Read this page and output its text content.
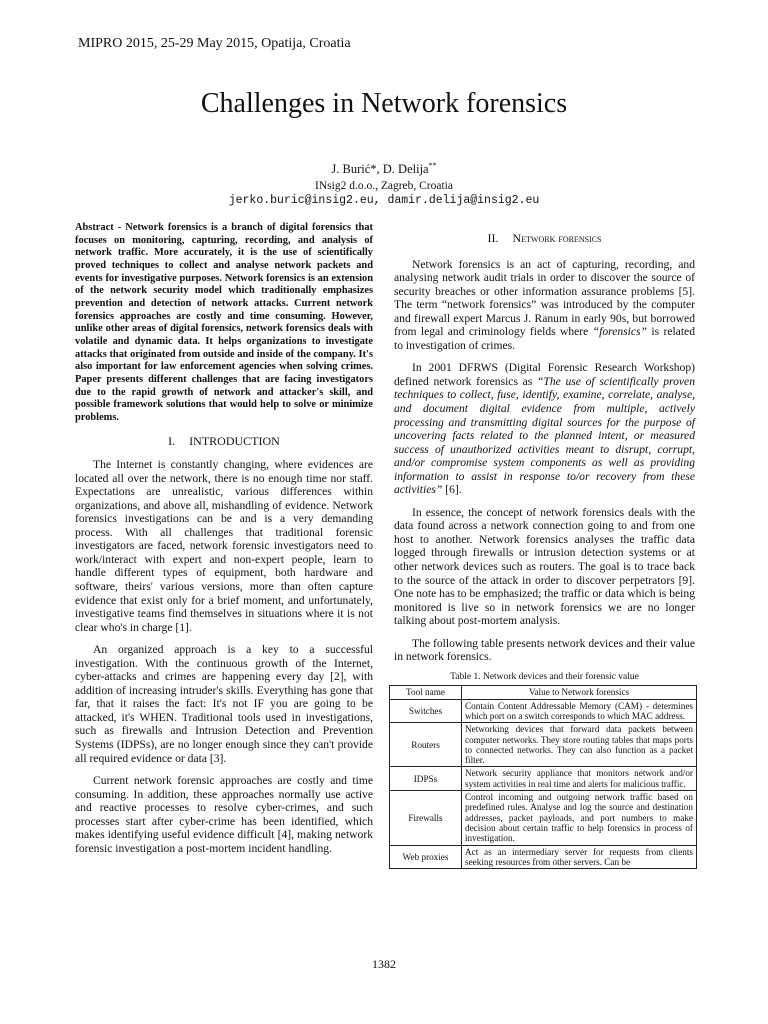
MIPRO 2015, 25-29 May 2015, Opatija, Croatia
Challenges in Network forensics
J. Burić*, D. Delija**
INsig2 d.o.o., Zagreb, Croatia
jerko.buric@insig2.eu, damir.delija@insig2.eu

Abstract - Network forensics is a branch of digital forensics that focuses on monitoring, capturing, recording, and analysis of network traffic. More accurately, it is the use of scientifically proved techniques to collect and analyse network packets and events for investigative purposes. Network forensics is an extension of the network security model which traditionally emphasizes prevention and detection of network attacks. Current network forensics approaches are costly and time consuming. However, unlike other areas of digital forensics, network forensics deals with volatile and dynamic data. It helps organizations to investigate attacks that originated from outside and inside of the company. It's also important for law enforcement agencies when solving crimes. Paper presents different challenges that are facing investigators due to the rapid growth of network and attacker's skill, and possible framework solutions that would help to solve or minimize problems.

I. INTRODUCTION

The Internet is constantly changing, where evidences are located all over the network, there is no enough time nor staff. Expectations are unrealistic, various differences within organizations, and above all, mishandling of evidence. Network forensics investigations can be and is a very demanding process. With all challenges that traditional forensic investigators are faced, network forensic investigators need to work/interact with expert and non-expert people, learn to handle different types of equipment, both hardware and software, theirs' various versions, more than often capture evidence that exist only for a brief moment, and unfortunately, investigative teams find themselves in situations where it is not clear who's in charge [1].

An organized approach is a key to a successful investigation. With the continuous growth of the Internet, cyber-attacks and crimes are happening every day [2], with addition of increasing intruder's skills. Everything has gone that far, that it raises the fact: It's not IF you are going to be attacked, it's WHEN. Traditional tools used in investigations, such as firewalls and Intrusion Detection and Prevention Systems (IDPSs), are no longer enough since they can't provide all required evidence or data [3].

Current network forensic approaches are costly and time consuming. In addition, these approaches normally use active and reactive processes to resolve cyber-crimes, and such processes start after cyber-crime has been identified, which makes identifying useful evidence difficult [4], making network forensic investigation a post-mortem incident handling.

II. Network forensics

Network forensics is an act of capturing, recording, and analysing network audit trials in order to discover the source of security breaches or other information assurance problems [5]. The term “network forensics” was introduced by the computer and firewall expert Marcus J. Ranum in early 90s, but borrowed from legal and criminology fields where “forensics” is related to investigation of crimes.

In 2001 DFRWS (Digital Forensic Research Workshop) defined network forensics as “The use of scientifically proven techniques to collect, fuse, identify, examine, correlate, analyse, and document digital evidence from multiple, actively processing and transmitting digital sources for the purpose of uncovering facts related to the planned intent, or measured success of unauthorized activities meant to disrupt, corrupt, and/or compromise system components as well as providing information to assist in response to/or recovery from these activities” [6].

In essence, the concept of network forensics deals with the data found across a network connection going to and from one host to another. Network forensics analyses the traffic data logged through firewalls or intrusion detection systems or at other network devices such as routers. The goal is to trace back to the source of the attack in order to discover perpetrators [9]. One note has to be emphasized; the traffic or data which is being monitored is live so in network forensics we are no longer talking about post-mortem analysis.

The following table presents network devices and their value in network forensics.

Table 1. Network devices and their forensic value
Tool name	Value to Network forensics
Switches	Contain Content Addressable Memory (CAM) - determines which port on a switch corresponds to which MAC address.
Routers	Networking devices that forward data packets between computer networks. They store routing tables that maps ports to connected networks. They can also function as a packet filter.
IDPSs	Network security appliance that monitors network and/or system activities in real time and alerts for malicious traffic.
Firewalls	Control incoming and outgoing network traffic based on predefined rules. Analyse and log the source and destination addresses, packet payloads, and port numbers to make decision about certain traffic to help forensics in process of investigation.
Web proxies	Act as an intermediary server for requests from clients seeking resources from other servers. Can be
1382
